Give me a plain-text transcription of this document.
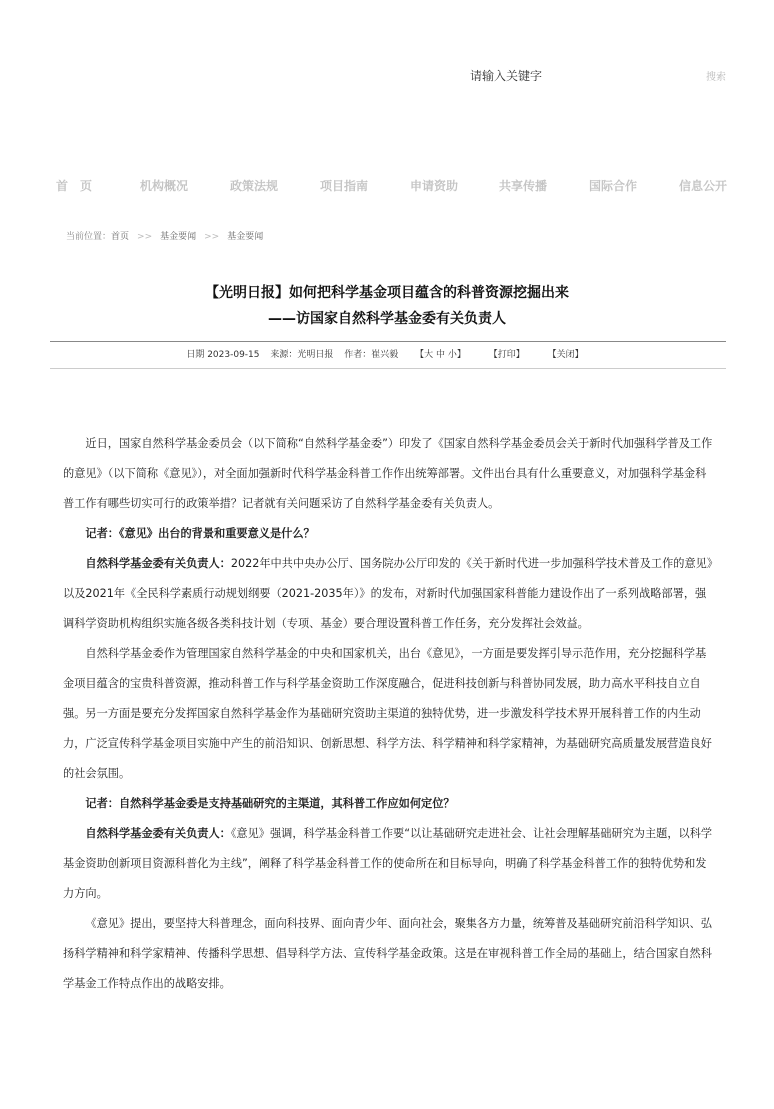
请输入关键字
搜索
首　页	机构概况	政策法规	项目指南	申请资助	共享传播	国际合作	信息公开
当前位置：首页 >> 基金要闻 >> 基金要闻
【光明日报】如何把科学基金项目蕴含的科普资源挖掘出来
——访国家自然科学基金委有关负责人
日期 2023-09-15 来源：光明日报 作者：崔兴毅 【大 中 小】	【打印】	【关闭】

近日，国家自然科学基金委员会（以下简称“自然科学基金委”）印发了《国家自然科学基金委员会关于新时代加强科学普及工作的意见》（以下简称《意见》），对全面加强新时代科学基金科普工作作出统筹部署。文件出台具有什么重要意义，对加强科学基金科普工作有哪些切实可行的政策举措？记者就有关问题采访了自然科学基金委有关负责人。

记者：《意见》出台的背景和重要意义是什么？

自然科学基金委有关负责人：2022年中共中央办公厅、国务院办公厅印发的《关于新时代进一步加强科学技术普及工作的意见》以及2021年《全民科学素质行动规划纲要（2021-2035年）》的发布，对新时代加强国家科普能力建设作出了一系列战略部署，强调科学资助机构组织实施各级各类科技计划（专项、基金）要合理设置科普工作任务，充分发挥社会效益。

自然科学基金委作为管理国家自然科学基金的中央和国家机关，出台《意见》，一方面是要发挥引导示范作用，充分挖掘科学基金项目蕴含的宝贵科普资源，推动科普工作与科学基金资助工作深度融合，促进科技创新与科普协同发展，助力高水平科技自立自强。另一方面是要充分发挥国家自然科学基金作为基础研究资助主渠道的独特优势，进一步激发科学技术界开展科普工作的内生动力，广泛宣传科学基金项目实施中产生的前沿知识、创新思想、科学方法、科学精神和科学家精神，为基础研究高质量发展营造良好的社会氛围。

记者：自然科学基金委是支持基础研究的主渠道，其科普工作应如何定位？

自然科学基金委有关负责人：《意见》强调，科学基金科普工作要“以让基础研究走进社会、让社会理解基础研究为主题，以科学基金资助创新项目资源科普化为主线”，阐释了科学基金科普工作的使命所在和目标导向，明确了科学基金科普工作的独特优势和发力方向。

《意见》提出，要坚持大科普理念，面向科技界、面向青少年、面向社会，聚集各方力量，统筹普及基础研究前沿科学知识、弘扬科学精神和科学家精神、传播科学思想、倡导科学方法、宣传科学基金政策。这是在审视科普工作全局的基础上，结合国家自然科学基金工作特点作出的战略安排。
